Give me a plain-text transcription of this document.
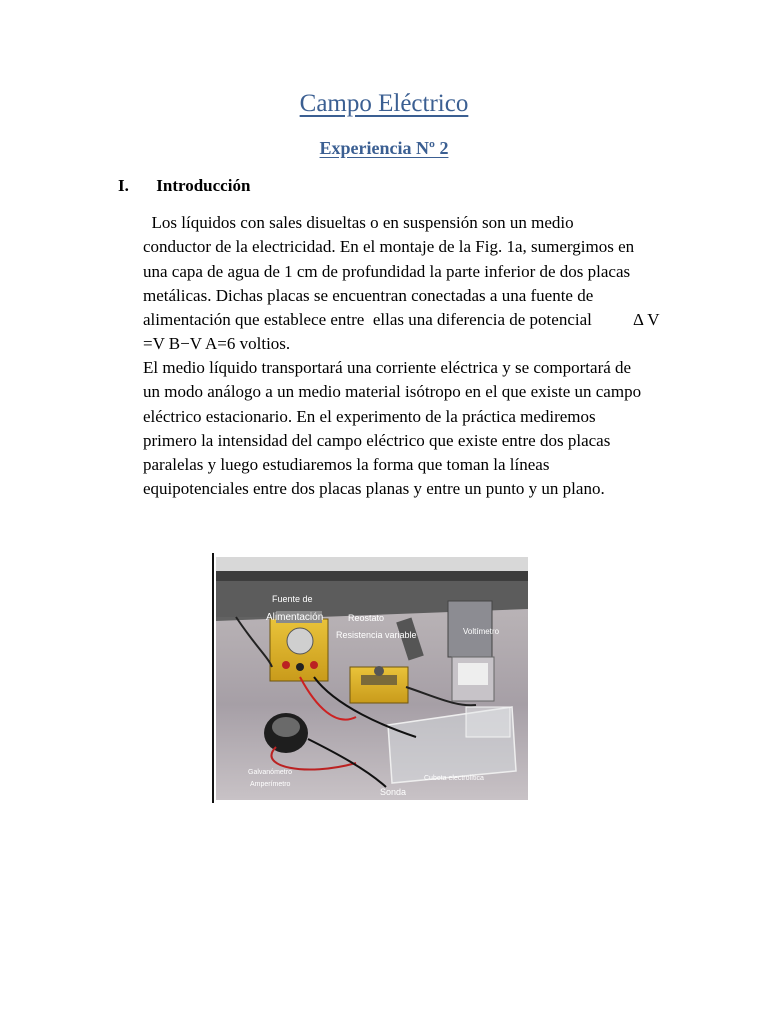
Campo Eléctrico
Experiencia Nº 2
I. Introducción

Los líquidos con sales disueltas o en suspensión son un medio
conductor de la electricidad. En el montaje de la Fig. 1a, sumergimos en
una capa de agua de 1 cm de profundidad la parte inferior de dos placas
metálicas. Dichas placas se encuentran conectadas a una fuente de
alimentación que establece entre  ellas una diferencia de potencial Δ V
=V B−V A=6 voltios.

El medio líquido transportará una corriente eléctrica y se comportará de
un modo análogo a un medio material isótropo en el que existe un campo
eléctrico estacionario. En el experimento de la práctica mediremos
primero la intensidad del campo eléctrico que existe entre dos placas
paralelas y luego estudiaremos la forma que toman la líneas
equipotenciales entre dos placas planas y entre un punto y un plano.

Fuente de
Alimentación	Reostato
Resistencia variable	Voltímetro
Galvanómetro
Amperímetro
Cubeta electrolítica
Sonda
